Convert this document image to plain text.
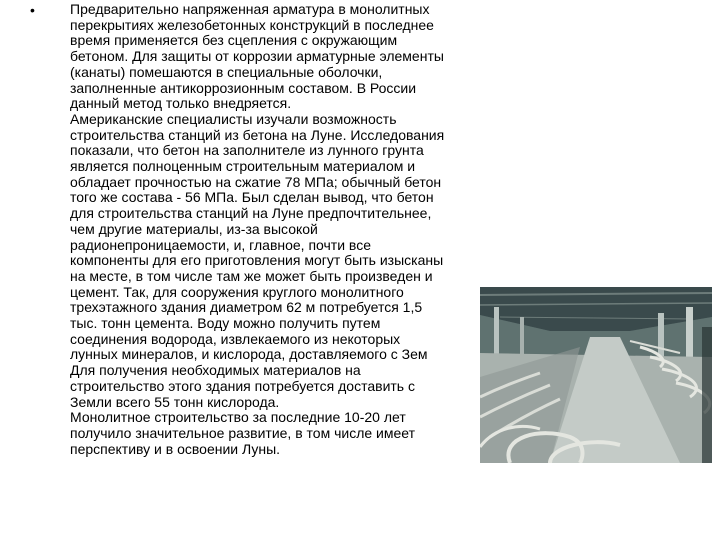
•	Предварительно напряженная арматура в монолитных
перекрытиях железобетонных конструкций в последнее
время применяется без сцепления с окружающим
бетоном. Для защиты от коррозии арматурные элементы
(канаты) помешаются в специальные оболочки,
заполненные антикоррозионным составом. В России
данный метод только внедряется.
Американские специалисты изучали возможность
строительства станций из бетона на Луне. Исследования
показали, что бетон на заполнителе из лунного грунта
является полноценным строительным материалом и
обладает прочностью на сжатие 78 МПа; обычный бетон
того же состава - 56 МПа. Был сделан вывод, что бетон
для строительства станций на Луне предпочтительнее,
чем другие материалы, из-за высокой
радионепроницаемости, и, главное, почти все
компоненты для его приготовления могут быть изысканы
на месте, в том числе там же может быть произведен и
цемент. Так, для сооружения круглого монолитного
трехэтажного здания диаметром 62 м потребуется 1,5
тыс. тонн цемента. Воду можно получить путем
соединения водорода, извлекаемого из некоторых
лунных минералов, и кислорода, доставляемого с Зем
Для получения необходимых материалов на
строительство этого здания потребуется доставить с
Земли всего 55 тонн кислорода.
Монолитное строительство за последние 10-20 лет
получило значительное развитие, в том числе имеет
перспективу и в освоении Луны.
